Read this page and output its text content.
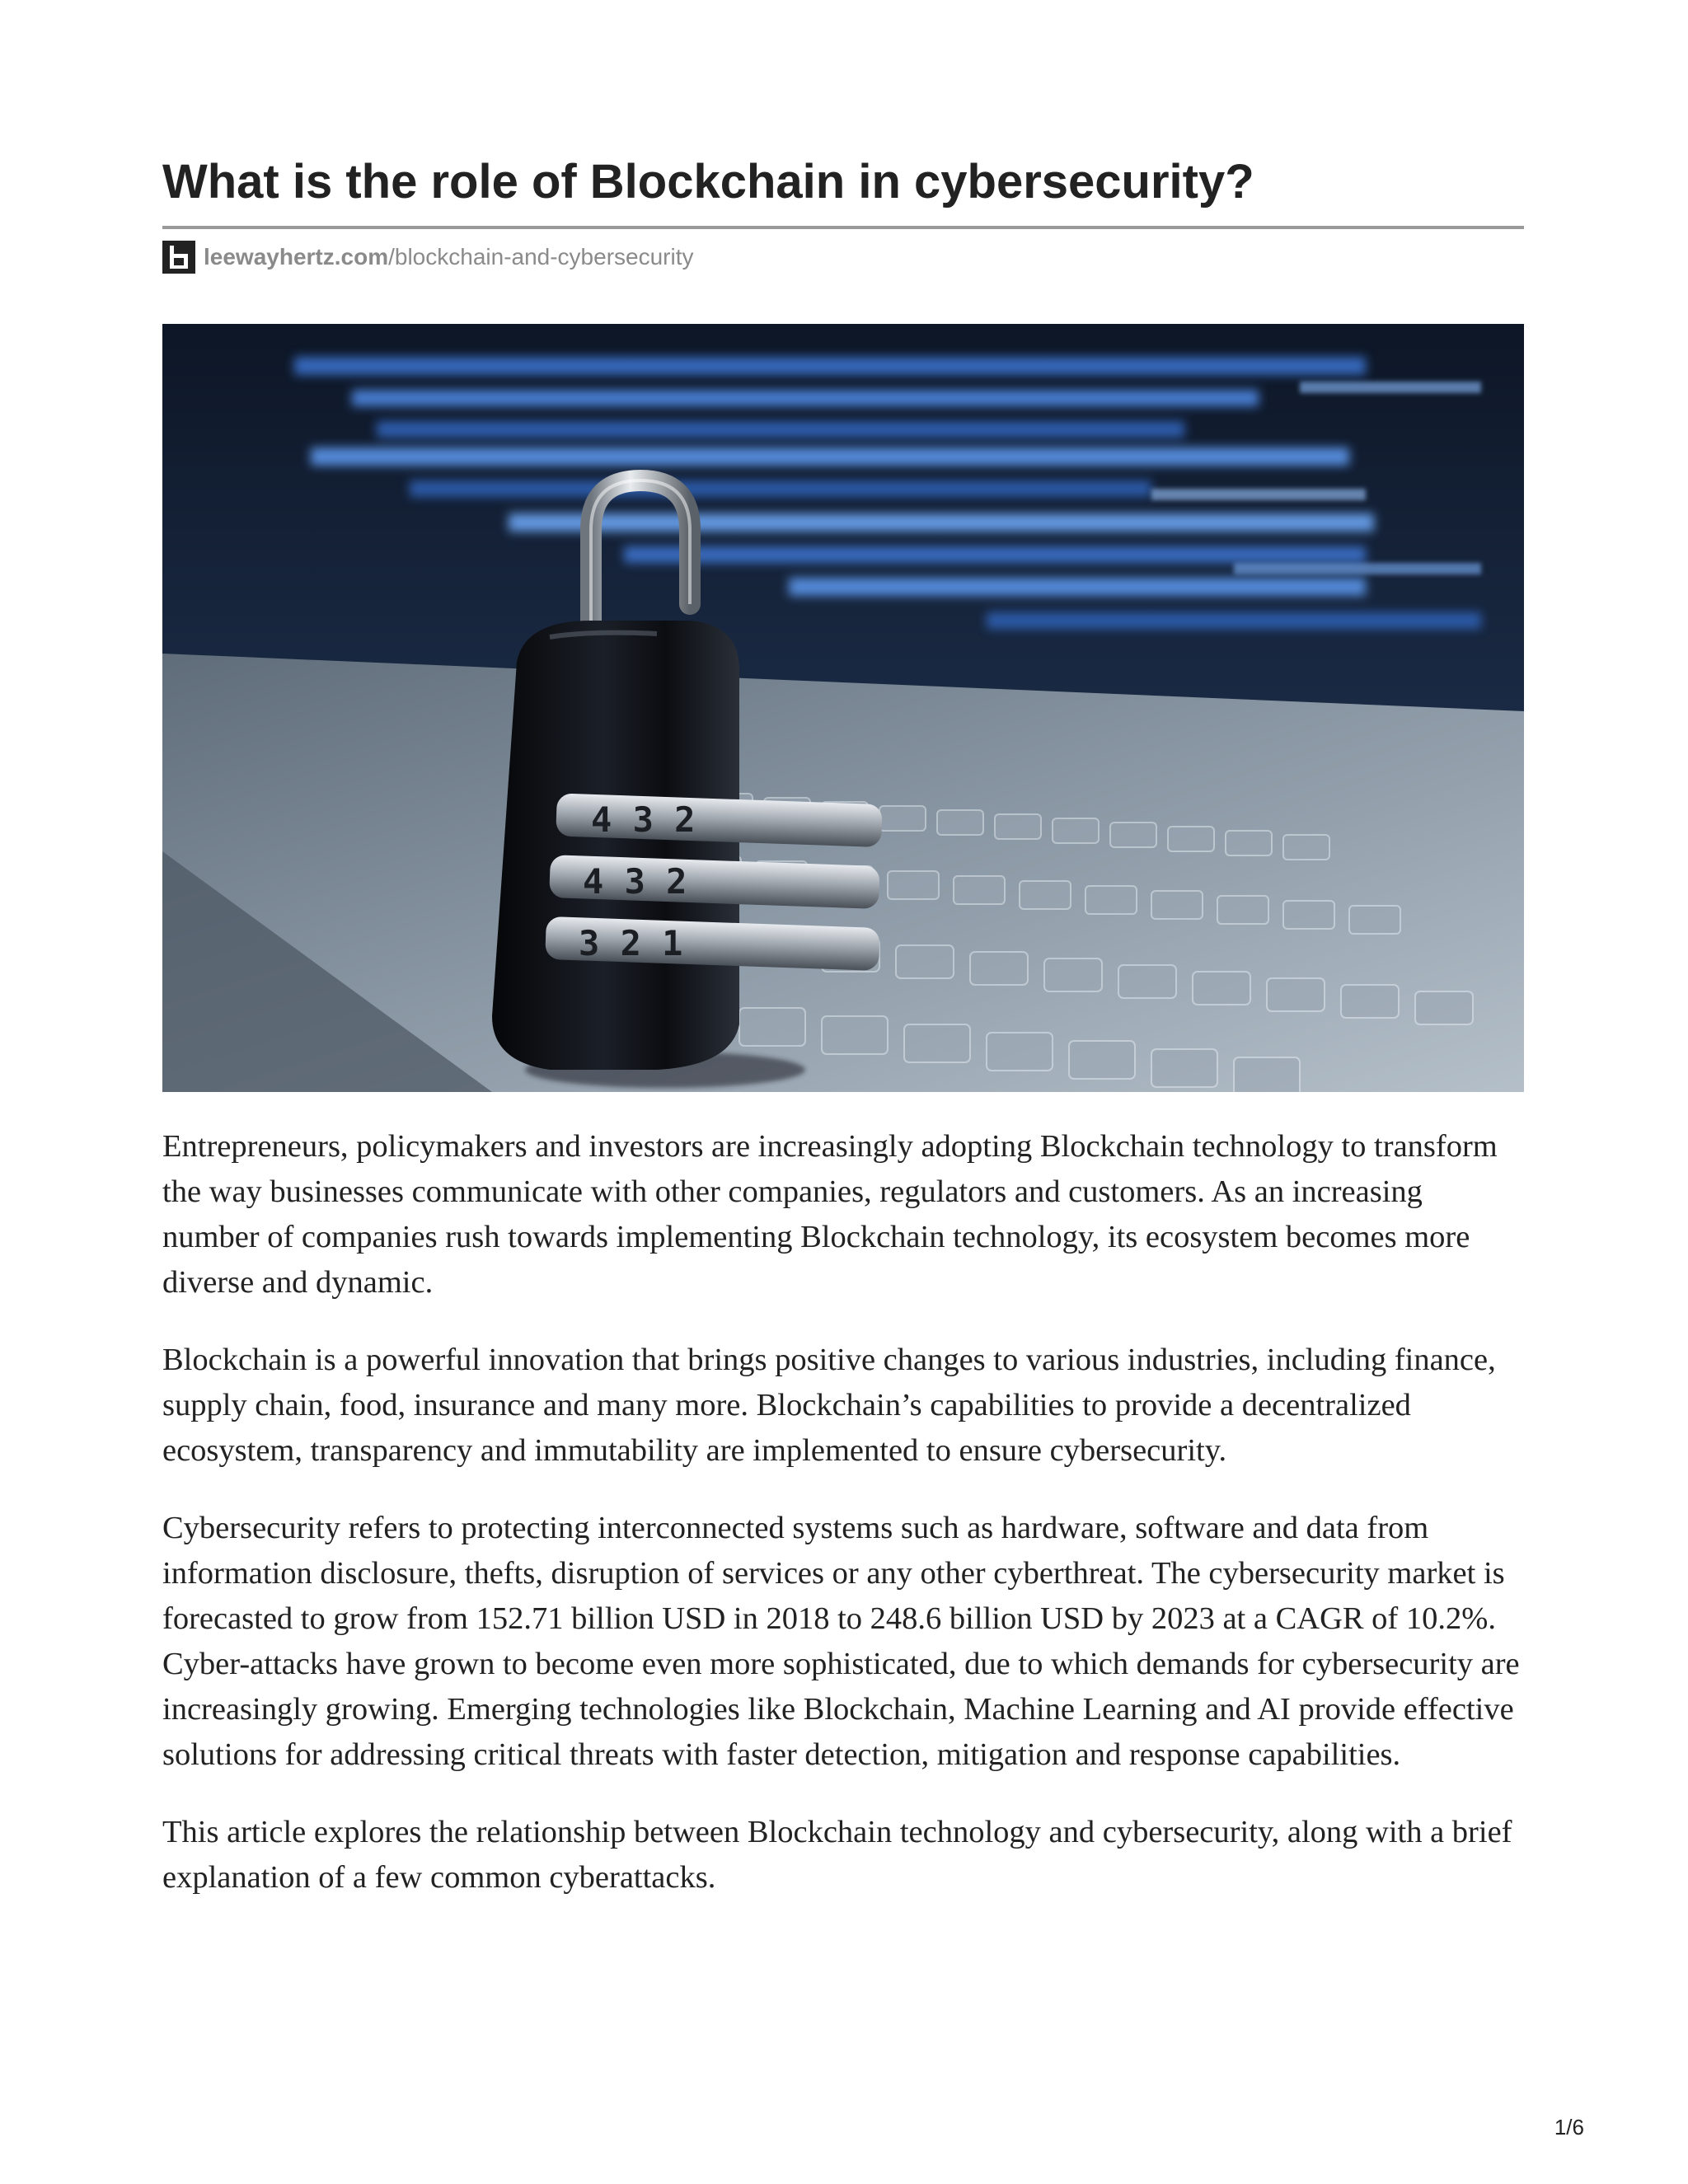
What is the role of Blockchain in cybersecurity?
leewayhertz.com /blockchain-and-cybersecurity
4 3 2
4 3 2
3 2 1

Entrepreneurs, policymakers and investors are increasingly adopting Blockchain technology to transform the way businesses communicate with other companies, regulators and customers. As an increasing number of companies rush towards implementing Blockchain technology, its ecosystem becomes more diverse and dynamic.

Blockchain is a powerful innovation that brings positive changes to various industries, including finance, supply chain, food, insurance and many more. Blockchain’s capabilities to provide a decentralized ecosystem, transparency and immutability are implemented to ensure cybersecurity.

Cybersecurity refers to protecting interconnected systems such as hardware, software and data from information disclosure, thefts, disruption of services or any other cyberthreat. The cybersecurity market is forecasted to grow from 152.71 billion USD in 2018 to 248.6 billion USD by 2023 at a CAGR of 10.2%. Cyber-attacks have grown to become even more sophisticated, due to which demands for cybersecurity are increasingly growing. Emerging technologies like Blockchain, Machine Learning and AI provide effective solutions for addressing critical threats with faster detection, mitigation and response capabilities.

This article explores the relationship between Blockchain technology and cybersecurity, along with a brief explanation of a few common cyberattacks.

1/6
